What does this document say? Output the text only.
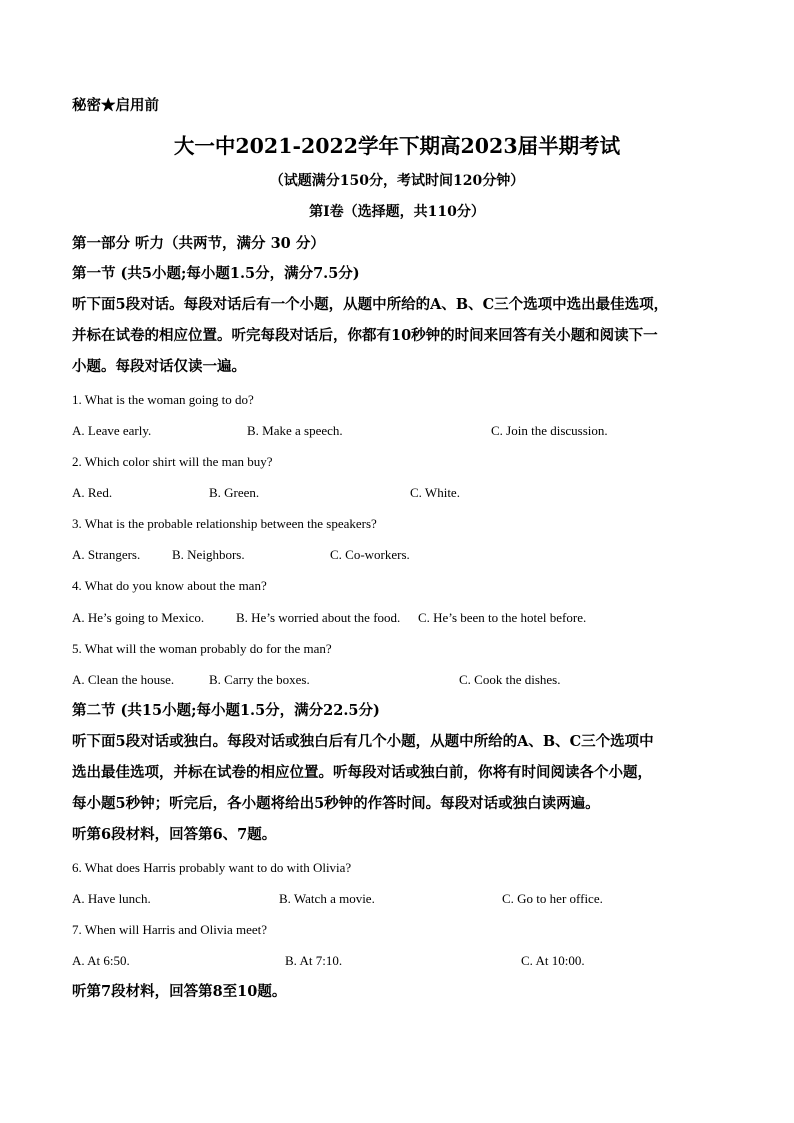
秘密★启用前
大一中2021-2022学年下期高2023届半期考试
（试题满分150分，考试时间120分钟）
第Ⅰ卷（选择题，共110分）
第一部分 听力（共两节，满分 30 分）
第一节 (共5小题;每小题1.5分，满分7.5分)
听下面5段对话。每段对话后有一个小题，从题中所给的A、B、C三个选项中选出最佳选项，
并标在试卷的相应位置。听完每段对话后，你都有10秒钟的时间来回答有关小题和阅读下一
小题。每段对话仅读一遍。
1. What is the woman going to do?
A. Leave early.	B. Make a speech.	C. Join the discussion.
2. Which color shirt will the man buy?
A. Red.	B. Green.	C. White.
3. What is the probable relationship between the speakers?
A. Strangers. B. Neighbors.	C. Co-workers.
4. What do you know about the man?
A. He’s going to Mexico. B. He’s worried about the food. C. He’s been to the hotel before.
5. What will the woman probably do for the man?
A. Clean the house.	B. Carry the boxes.	C. Cook the dishes.
第二节 (共15小题;每小题1.5分，满分22.5分)
听下面5段对话或独白。每段对话或独白后有几个小题，从题中所给的A、B、C三个选项中
选出最佳选项，并标在试卷的相应位置。听每段对话或独白前，你将有时间阅读各个小题，
每小题5秒钟；听完后，各小题将给出5秒钟的作答时间。每段对话或独白读两遍。
听第6段材料，回答第6、7题。
6. What does Harris probably want to do with Olivia?
A. Have lunch.	B. Watch a movie.	C. Go to her office.
7. When will Harris and Olivia meet?
A. At 6:50.	B. At 7:10.	C. At 10:00.
听第7段材料，回答第8至10题。
